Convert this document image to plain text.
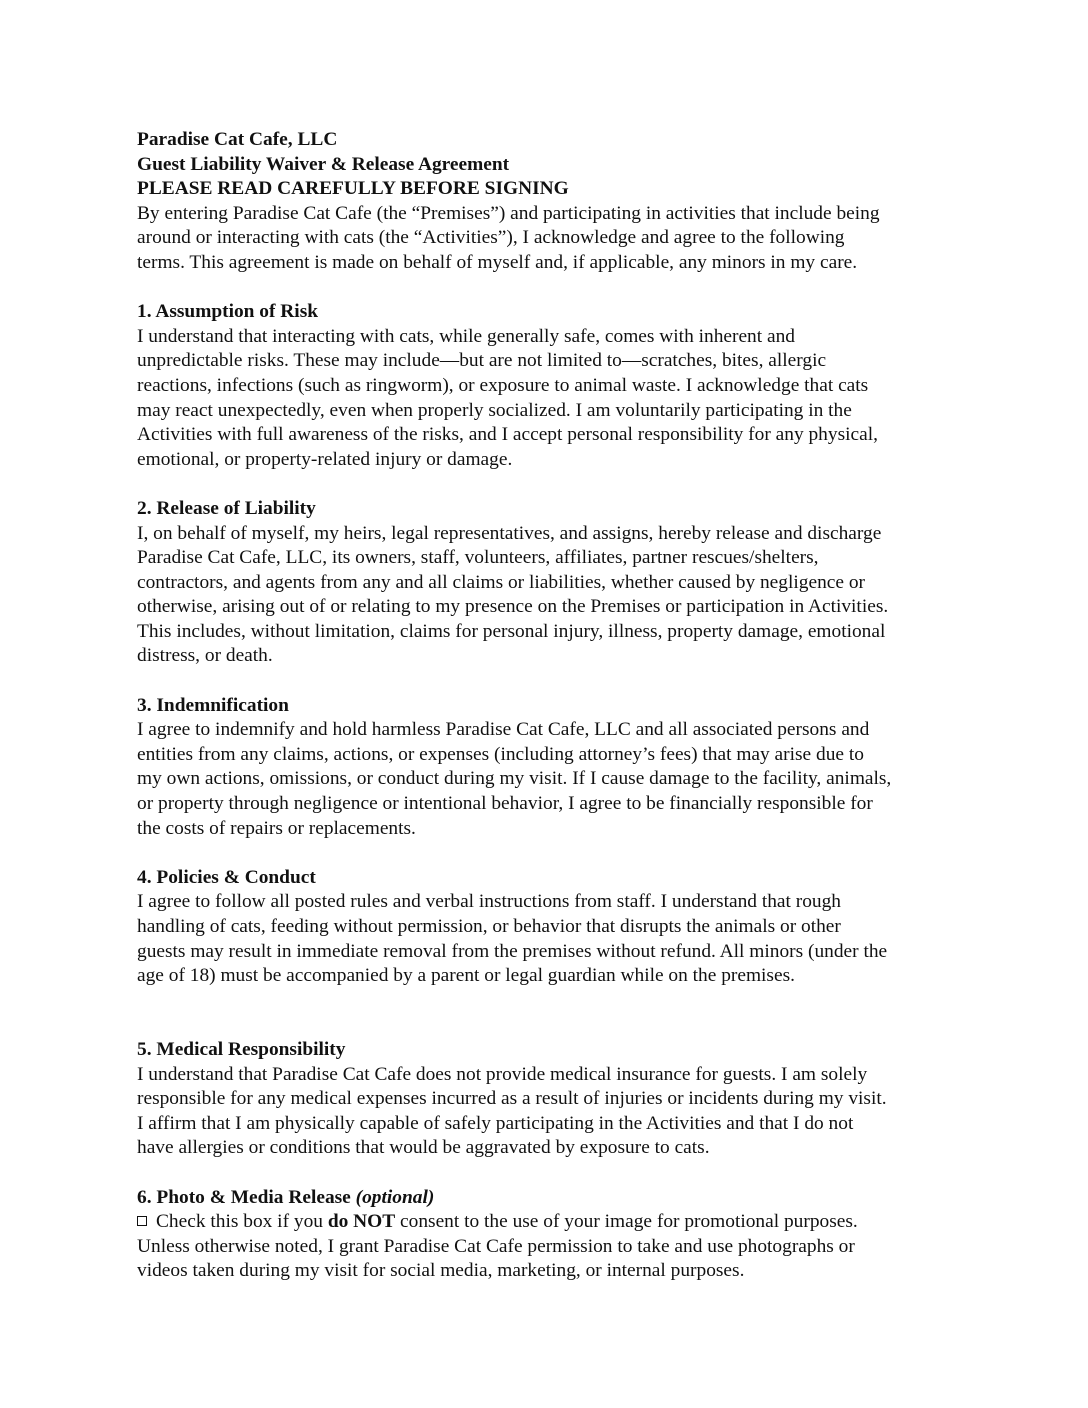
Paradise Cat Cafe, LLC
Guest Liability Waiver & Release Agreement
PLEASE READ CAREFULLY BEFORE SIGNING

By entering Paradise Cat Cafe (the “Premises”) and participating in activities that include being
around or interacting with cats (the “Activities”), I acknowledge and agree to the following
terms. This agreement is made on behalf of myself and, if applicable, any minors in my care.

1. Assumption of Risk

I understand that interacting with cats, while generally safe, comes with inherent and
unpredictable risks. These may include—but are not limited to—scratches, bites, allergic
reactions, infections (such as ringworm), or exposure to animal waste. I acknowledge that cats
may react unexpectedly, even when properly socialized. I am voluntarily participating in the
Activities with full awareness of the risks, and I accept personal responsibility for any physical,
emotional, or property-related injury or damage.

2. Release of Liability

I, on behalf of myself, my heirs, legal representatives, and assigns, hereby release and discharge
Paradise Cat Cafe, LLC, its owners, staff, volunteers, affiliates, partner rescues/shelters,
contractors, and agents from any and all claims or liabilities, whether caused by negligence or
otherwise, arising out of or relating to my presence on the Premises or participation in Activities.
This includes, without limitation, claims for personal injury, illness, property damage, emotional
distress, or death.

3. Indemnification

I agree to indemnify and hold harmless Paradise Cat Cafe, LLC and all associated persons and
entities from any claims, actions, or expenses (including attorney’s fees) that may arise due to
my own actions, omissions, or conduct during my visit. If I cause damage to the facility, animals,
or property through negligence or intentional behavior, I agree to be financially responsible for
the costs of repairs or replacements.

4. Policies & Conduct

I agree to follow all posted rules and verbal instructions from staff. I understand that rough
handling of cats, feeding without permission, or behavior that disrupts the animals or other
guests may result in immediate removal from the premises without refund. All minors (under the
age of 18) must be accompanied by a parent or legal guardian while on the premises.

5. Medical Responsibility

I understand that Paradise Cat Cafe does not provide medical insurance for guests. I am solely
responsible for any medical expenses incurred as a result of injuries or incidents during my visit.
I affirm that I am physically capable of safely participating in the Activities and that I do not
have allergies or conditions that would be aggravated by exposure to cats.

6. Photo & Media Release (optional)

Check this box if you do NOT consent to the use of your image for promotional purposes.
Unless otherwise noted, I grant Paradise Cat Cafe permission to take and use photographs or
videos taken during my visit for social media, marketing, or internal purposes.
